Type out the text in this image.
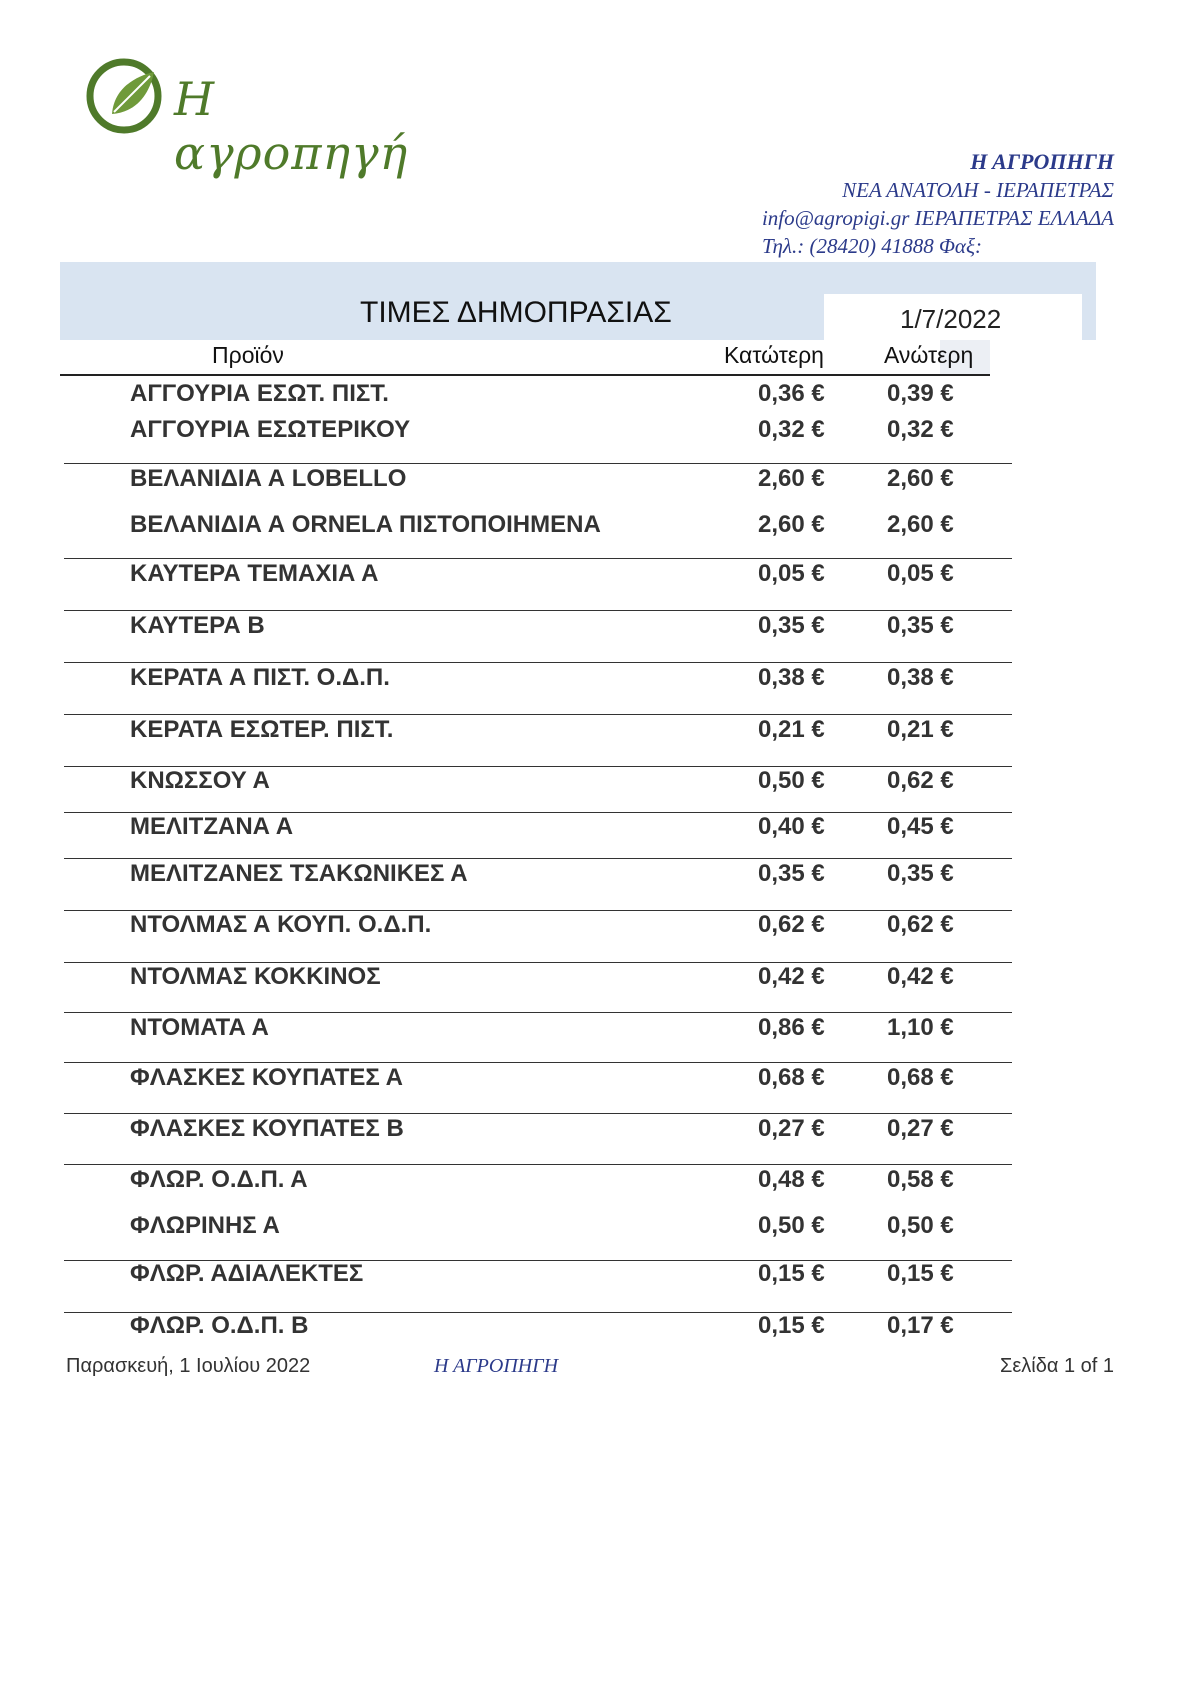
Η αγροπηγή	Η ΑΓΡΟΠΗΓΗ
ΝΕΑ ΑΝΑΤΟΛΗ - ΙΕΡΑΠΕΤΡΑΣ
info@agropigi.gr ΙΕΡΑΠΕΤΡΑΣ ΕΛΛΑΔΑ
Τηλ.: (28420) 41888 Φαξ:
ΤΙΜΕΣ ΔΗΜΟΠΡΑΣΙΑΣ	1/7/2022
Προϊόν	Κατώτερη	Ανώτερη
ΑΓΓΟΥΡΙΑ ΕΣΩΤ. ΠΙΣΤ.	0,36 €	0,39 €
ΑΓΓΟΥΡΙΑ ΕΣΩΤΕΡΙΚΟΥ	0,32 €	0,32 €
ΒΕΛΑΝΙΔΙΑ Α LOBELLO	2,60 €	2,60 €
ΒΕΛΑΝΙΔΙΑ Α ORNELA ΠΙΣΤΟΠΟΙΗΜΕΝΑ	2,60 €	2,60 €
ΚΑΥΤΕΡΑ ΤΕΜΑΧΙΑ Α	0,05 €	0,05 €
ΚΑΥΤΕΡΑ Β	0,35 €	0,35 €
ΚΕΡΑΤΑ Α ΠΙΣΤ. Ο.Δ.Π.	0,38 €	0,38 €
ΚΕΡΑΤΑ ΕΣΩΤΕΡ. ΠΙΣΤ.	0,21 €	0,21 €
ΚΝΩΣΣΟΥ Α	0,50 €	0,62 €
ΜΕΛΙΤΖΑΝΑ Α	0,40 €	0,45 €
ΜΕΛΙΤΖΑΝΕΣ ΤΣΑΚΩΝΙΚΕΣ Α	0,35 €	0,35 €
ΝΤΟΛΜΑΣ Α ΚΟΥΠ. Ο.Δ.Π.	0,62 €	0,62 €
ΝΤΟΛΜΑΣ ΚΟΚΚΙΝΟΣ	0,42 €	0,42 €
ΝΤΟΜΑΤΑ Α	0,86 €	1,10 €
ΦΛΑΣΚΕΣ ΚΟΥΠΑΤΕΣ Α	0,68 €	0,68 €
ΦΛΑΣΚΕΣ ΚΟΥΠΑΤΕΣ Β	0,27 €	0,27 €
ΦΛΩΡ. Ο.Δ.Π. Α	0,48 €	0,58 €
ΦΛΩΡΙΝΗΣ Α	0,50 €	0,50 €
ΦΛΩΡ. ΑΔΙΑΛΕΚΤΕΣ	0,15 €	0,15 €
ΦΛΩΡ. Ο.Δ.Π. Β	0,15 €	0,17 €
Παρασκευή, 1 Ιουλίου 2022	Η ΑΓΡΟΠΗΓΗ	Σελίδα 1 of 1
